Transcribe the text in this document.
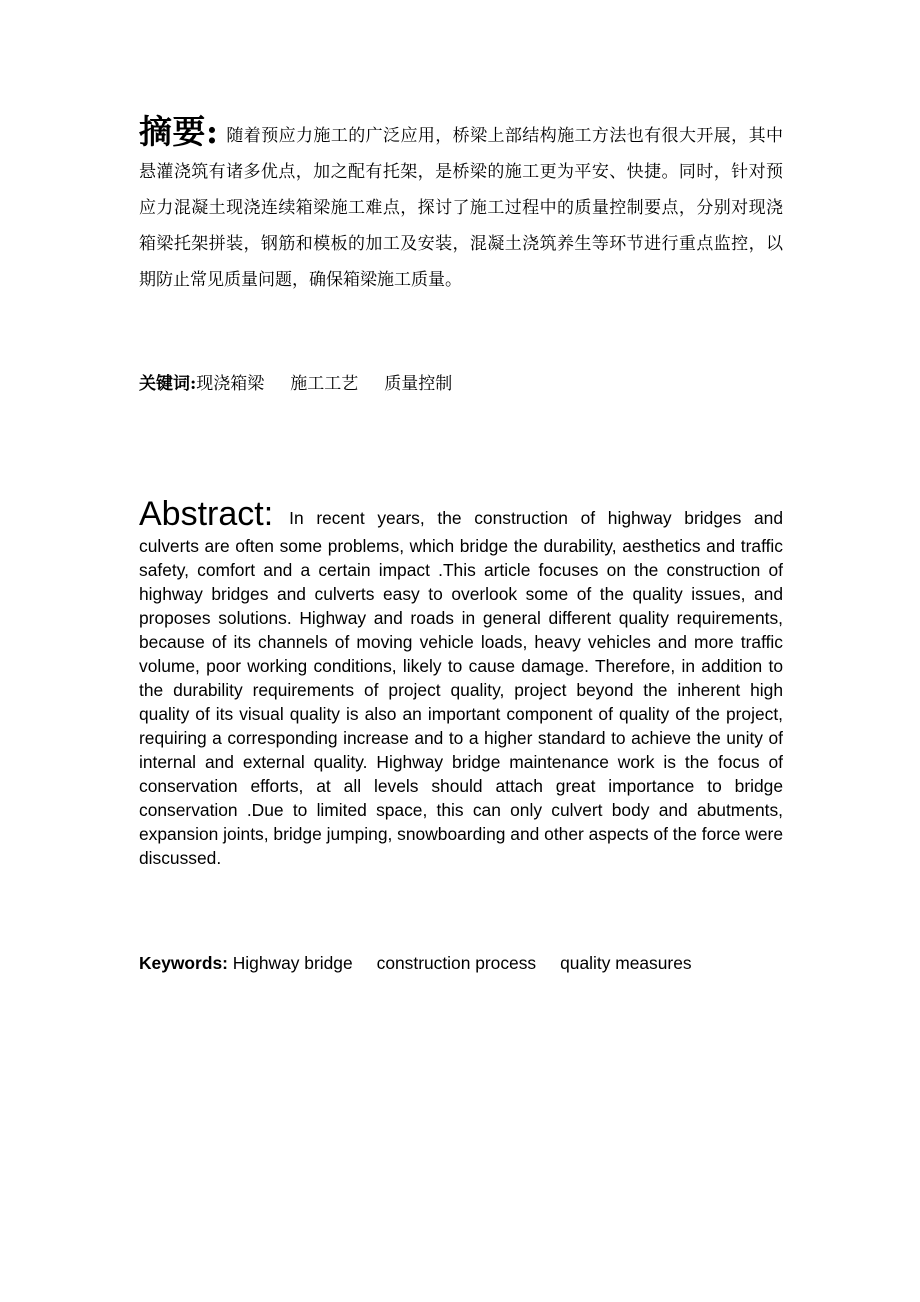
摘要: 随着预应力施工的广泛应用，桥梁上部结构施工方法也有很大开展，其中悬灌浇筑有诸多优点，加之配有托架，是桥梁的施工更为平安、快捷。同时，针对预应力混凝土现浇连续箱梁施工难点，探讨了施工过程中的质量控制要点，分别对现浇箱梁托架拼装，钢筋和模板的加工及安装，混凝土浇筑养生等环节进行重点监控，以期防止常见质量问题，确保箱梁施工质量。
关键词:现浇箱梁 施工工艺 质量控制
Abstract: In recent years, the construction of highway bridges and culverts are often some problems, which bridge the durability, aesthetics and traffic safety, comfort and a certain impact .This article focuses on the construction of highway bridges and culverts easy to overlook some of the quality issues, and proposes solutions. Highway and roads in general different quality requirements, because of its channels of moving vehicle loads, heavy vehicles and more traffic volume, poor working conditions, likely to cause damage. Therefore, in addition to the durability requirements of project quality, project beyond the inherent high quality of its visual quality is also an important component of quality of the project, requiring a corresponding increase and to a higher standard to achieve the unity of internal and external quality. Highway bridge maintenance work is the focus of conservation efforts, at all levels should attach great importance to bridge conservation .Due to limited space, this can only culvert body and abutments, expansion joints, bridge jumping, snowboarding and other aspects of the force were discussed.
Keywords: Highway bridge construction process quality measures
